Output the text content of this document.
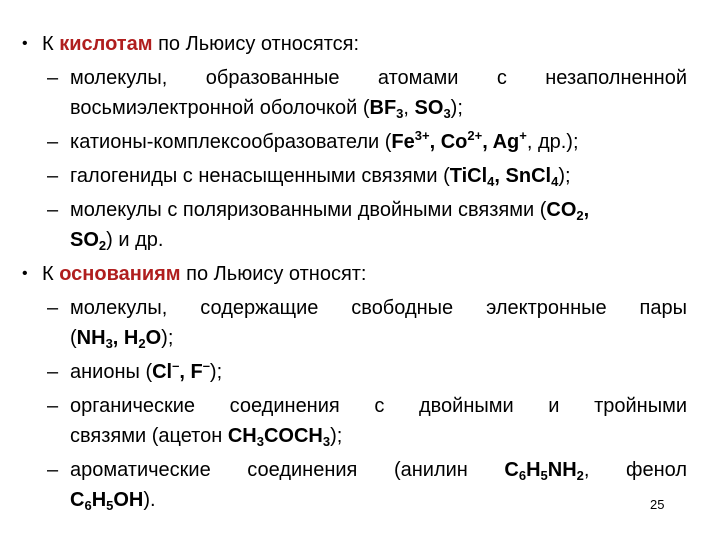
• К кислотам по Льюису относятся:
– молекулы, образованные атомами с незаполненной
восьмиэлектронной оболочкой ($BF_3$, $SO_3$);
– катионы-комплексообразователи ($Fe^{3+}$, $Co^{2+}$, Ag+, др.);
– галогениды с ненасыщенными связями (TiCl$_4$, SnCl$_4$);
– молекулы с поляризованными двойными связями ($CO_2$,
$SO_2$) и др.
• К основаниям по Льюису относят:
– молекулы, содержащие свободные электронные пары
($NH_3$, $H_2O$);
– анионы (Cl–, F–);
– органические соединения с двойными и тройными
связями (ацетон $CH_3COCH_3$);
– ароматические соединения (анилин $C_6H_5NH_2$, фенол
$C_6H_5OH$).	25
